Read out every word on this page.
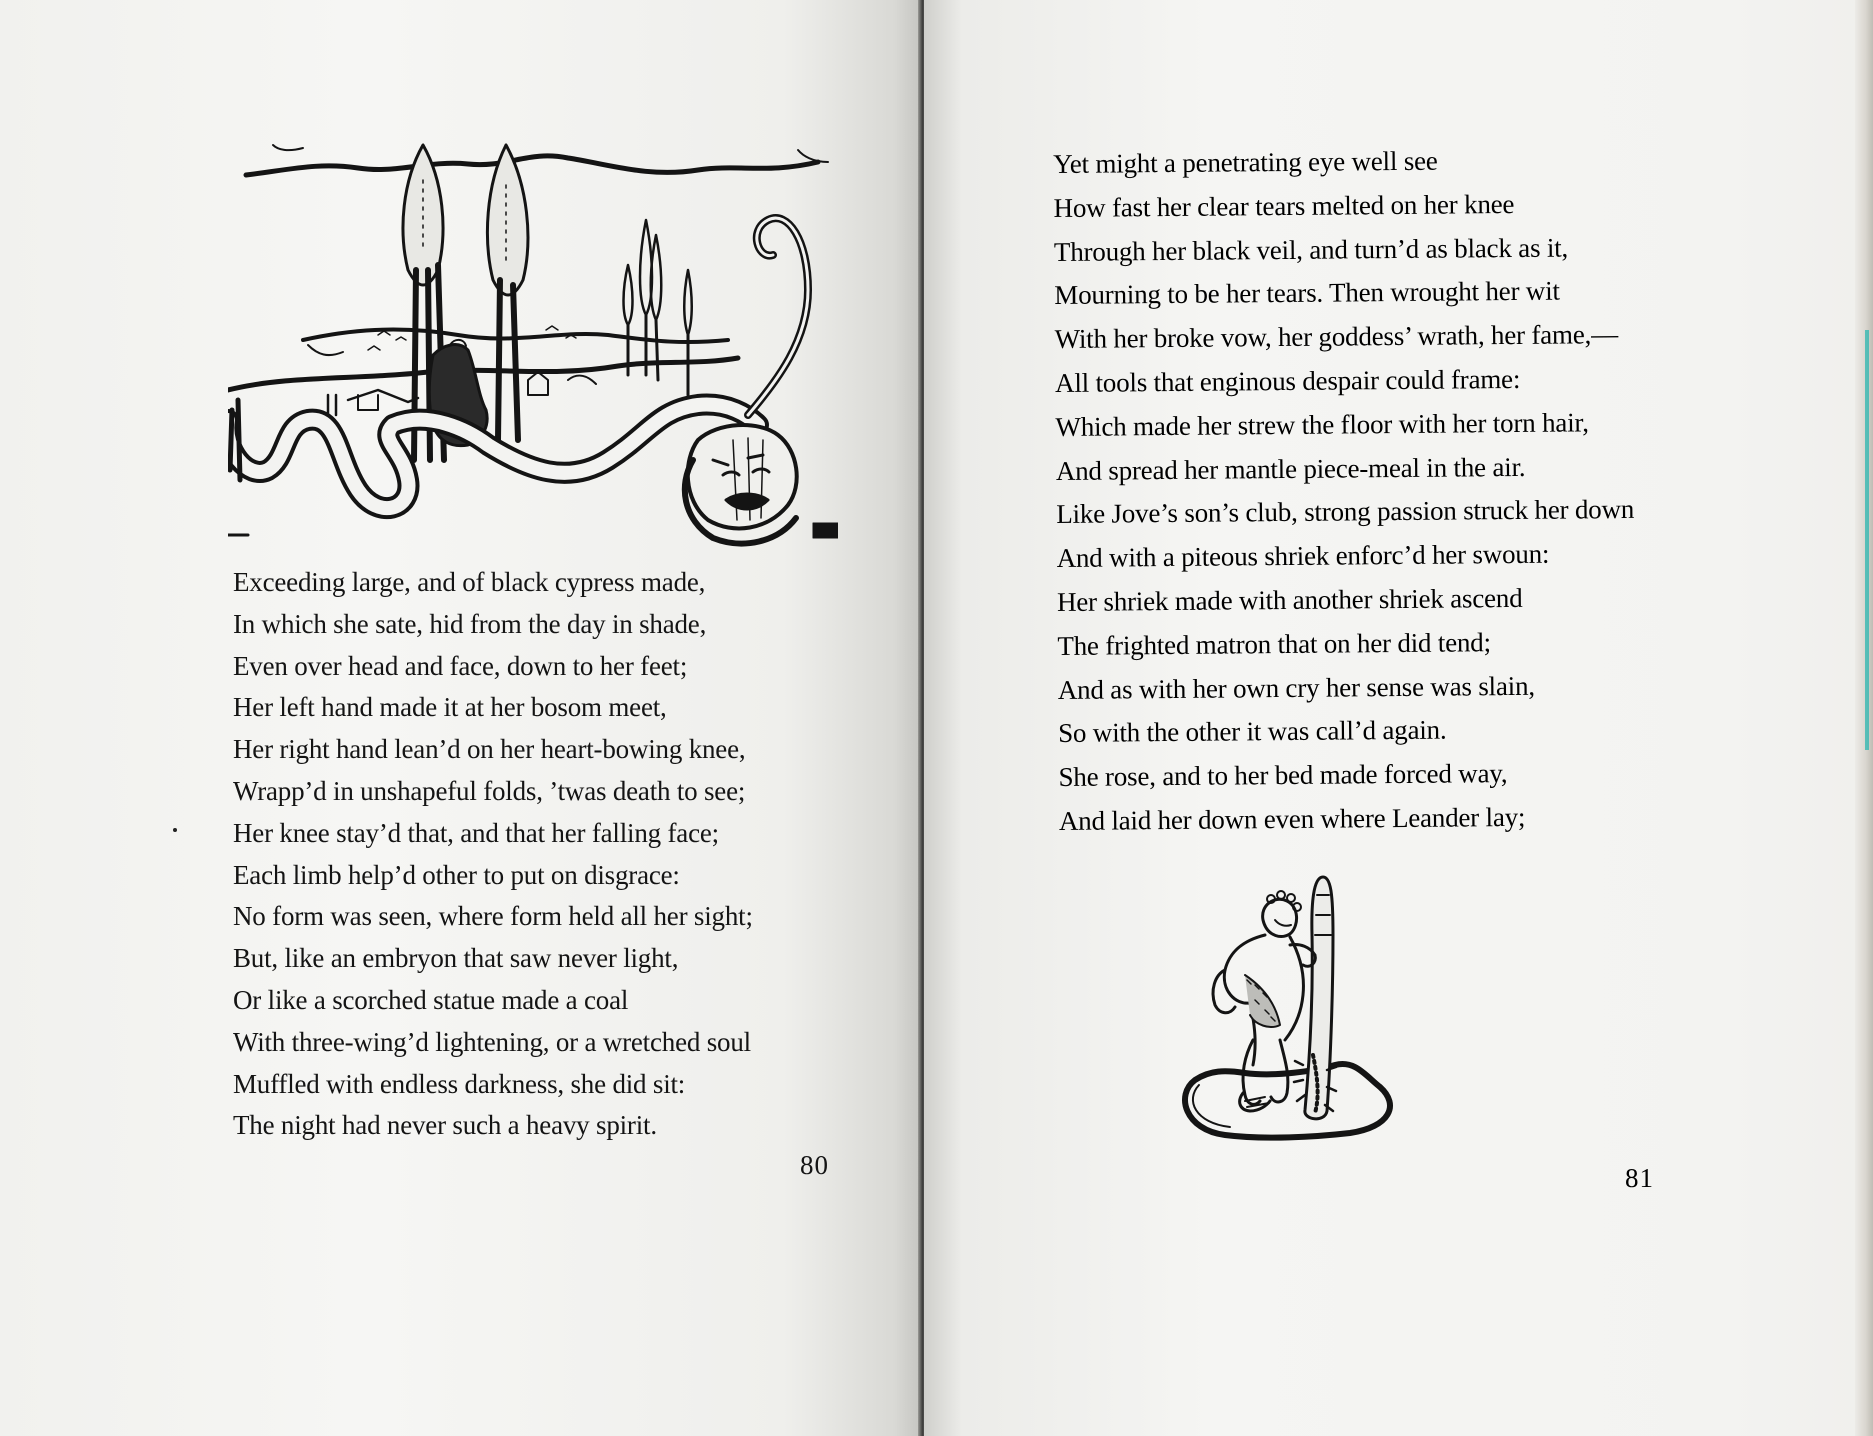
Exceeding large, and of black cypress made,
In which she sate, hid from the day in shade,
Even over head and face, down to her feet;
Her left hand made it at her bosom meet,
Her right hand lean’d on her heart-bowing knee,
Wrapp’d in unshapeful folds, ’twas death to see;
Her knee stay’d that, and that her falling face;
Each limb help’d other to put on disgrace:
No form was seen, where form held all her sight;
But, like an embryon that saw never light,
Or like a scorched statue made a coal
With three-wing’d lightening, or a wretched soul
Muffled with endless darkness, she did sit:
The night had never such a heavy spirit.
80
Yet might a penetrating eye well see
How fast her clear tears melted on her knee
Through her black veil, and turn’d as black as it,
Mourning to be her tears. Then wrought her wit
With her broke vow, her goddess’ wrath, her fame,—
All tools that enginous despair could frame:
Which made her strew the floor with her torn hair,
And spread her mantle piece-meal in the air.
Like Jove’s son’s club, strong passion struck her down
And with a piteous shriek enforc’d her swoun:
Her shriek made with another shriek ascend
The frighted matron that on her did tend;
And as with her own cry her sense was slain,
So with the other it was call’d again.
She rose, and to her bed made forced way,
And laid her down even where Leander lay;
81
